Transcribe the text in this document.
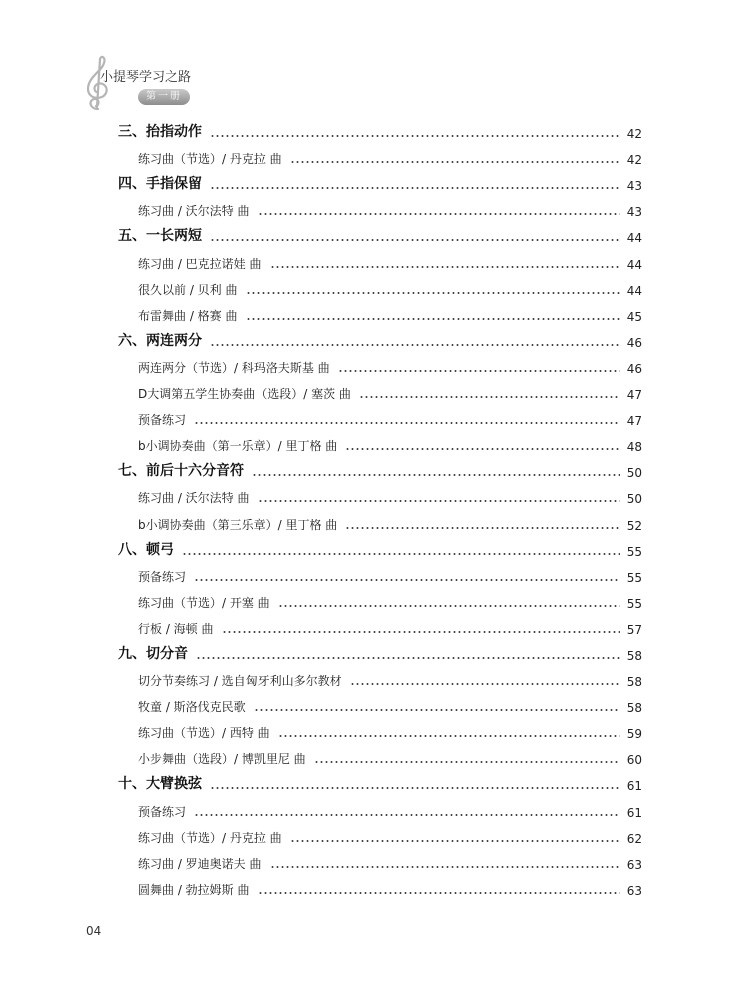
小提琴学习之路
第一册
三、抬指动作	42
练习曲（节选）/ 丹克拉 曲	42
四、手指保留	43
练习曲 / 沃尔法特 曲	43
五、一长两短	44
练习曲 / 巴克拉诺娃 曲	44
很久以前 / 贝利 曲	44
布雷舞曲 / 格赛 曲	45
六、两连两分	46
两连两分（节选）/ 科玛洛夫斯基 曲	46
D大调第五学生协奏曲（选段）/ 塞茨 曲	47
预备练习	47
b小调协奏曲（第一乐章）/ 里丁格 曲	48
七、前后十六分音符	50
练习曲 / 沃尔法特 曲	50
b小调协奏曲（第三乐章）/ 里丁格 曲	52
八、顿弓	55
预备练习	55
练习曲（节选）/ 开塞 曲	55
行板 / 海顿 曲	57
九、切分音	58
切分节奏练习 / 选自匈牙利山多尔教材	58
牧童 / 斯洛伐克民歌	58
练习曲（节选）/ 西特 曲	59
小步舞曲（选段）/ 博凯里尼 曲	60
十、大臂换弦	61
预备练习	61
练习曲（节选）/ 丹克拉 曲	62
练习曲 / 罗迪奥诺夫 曲	63
圆舞曲 / 勃拉姆斯 曲	63
04
